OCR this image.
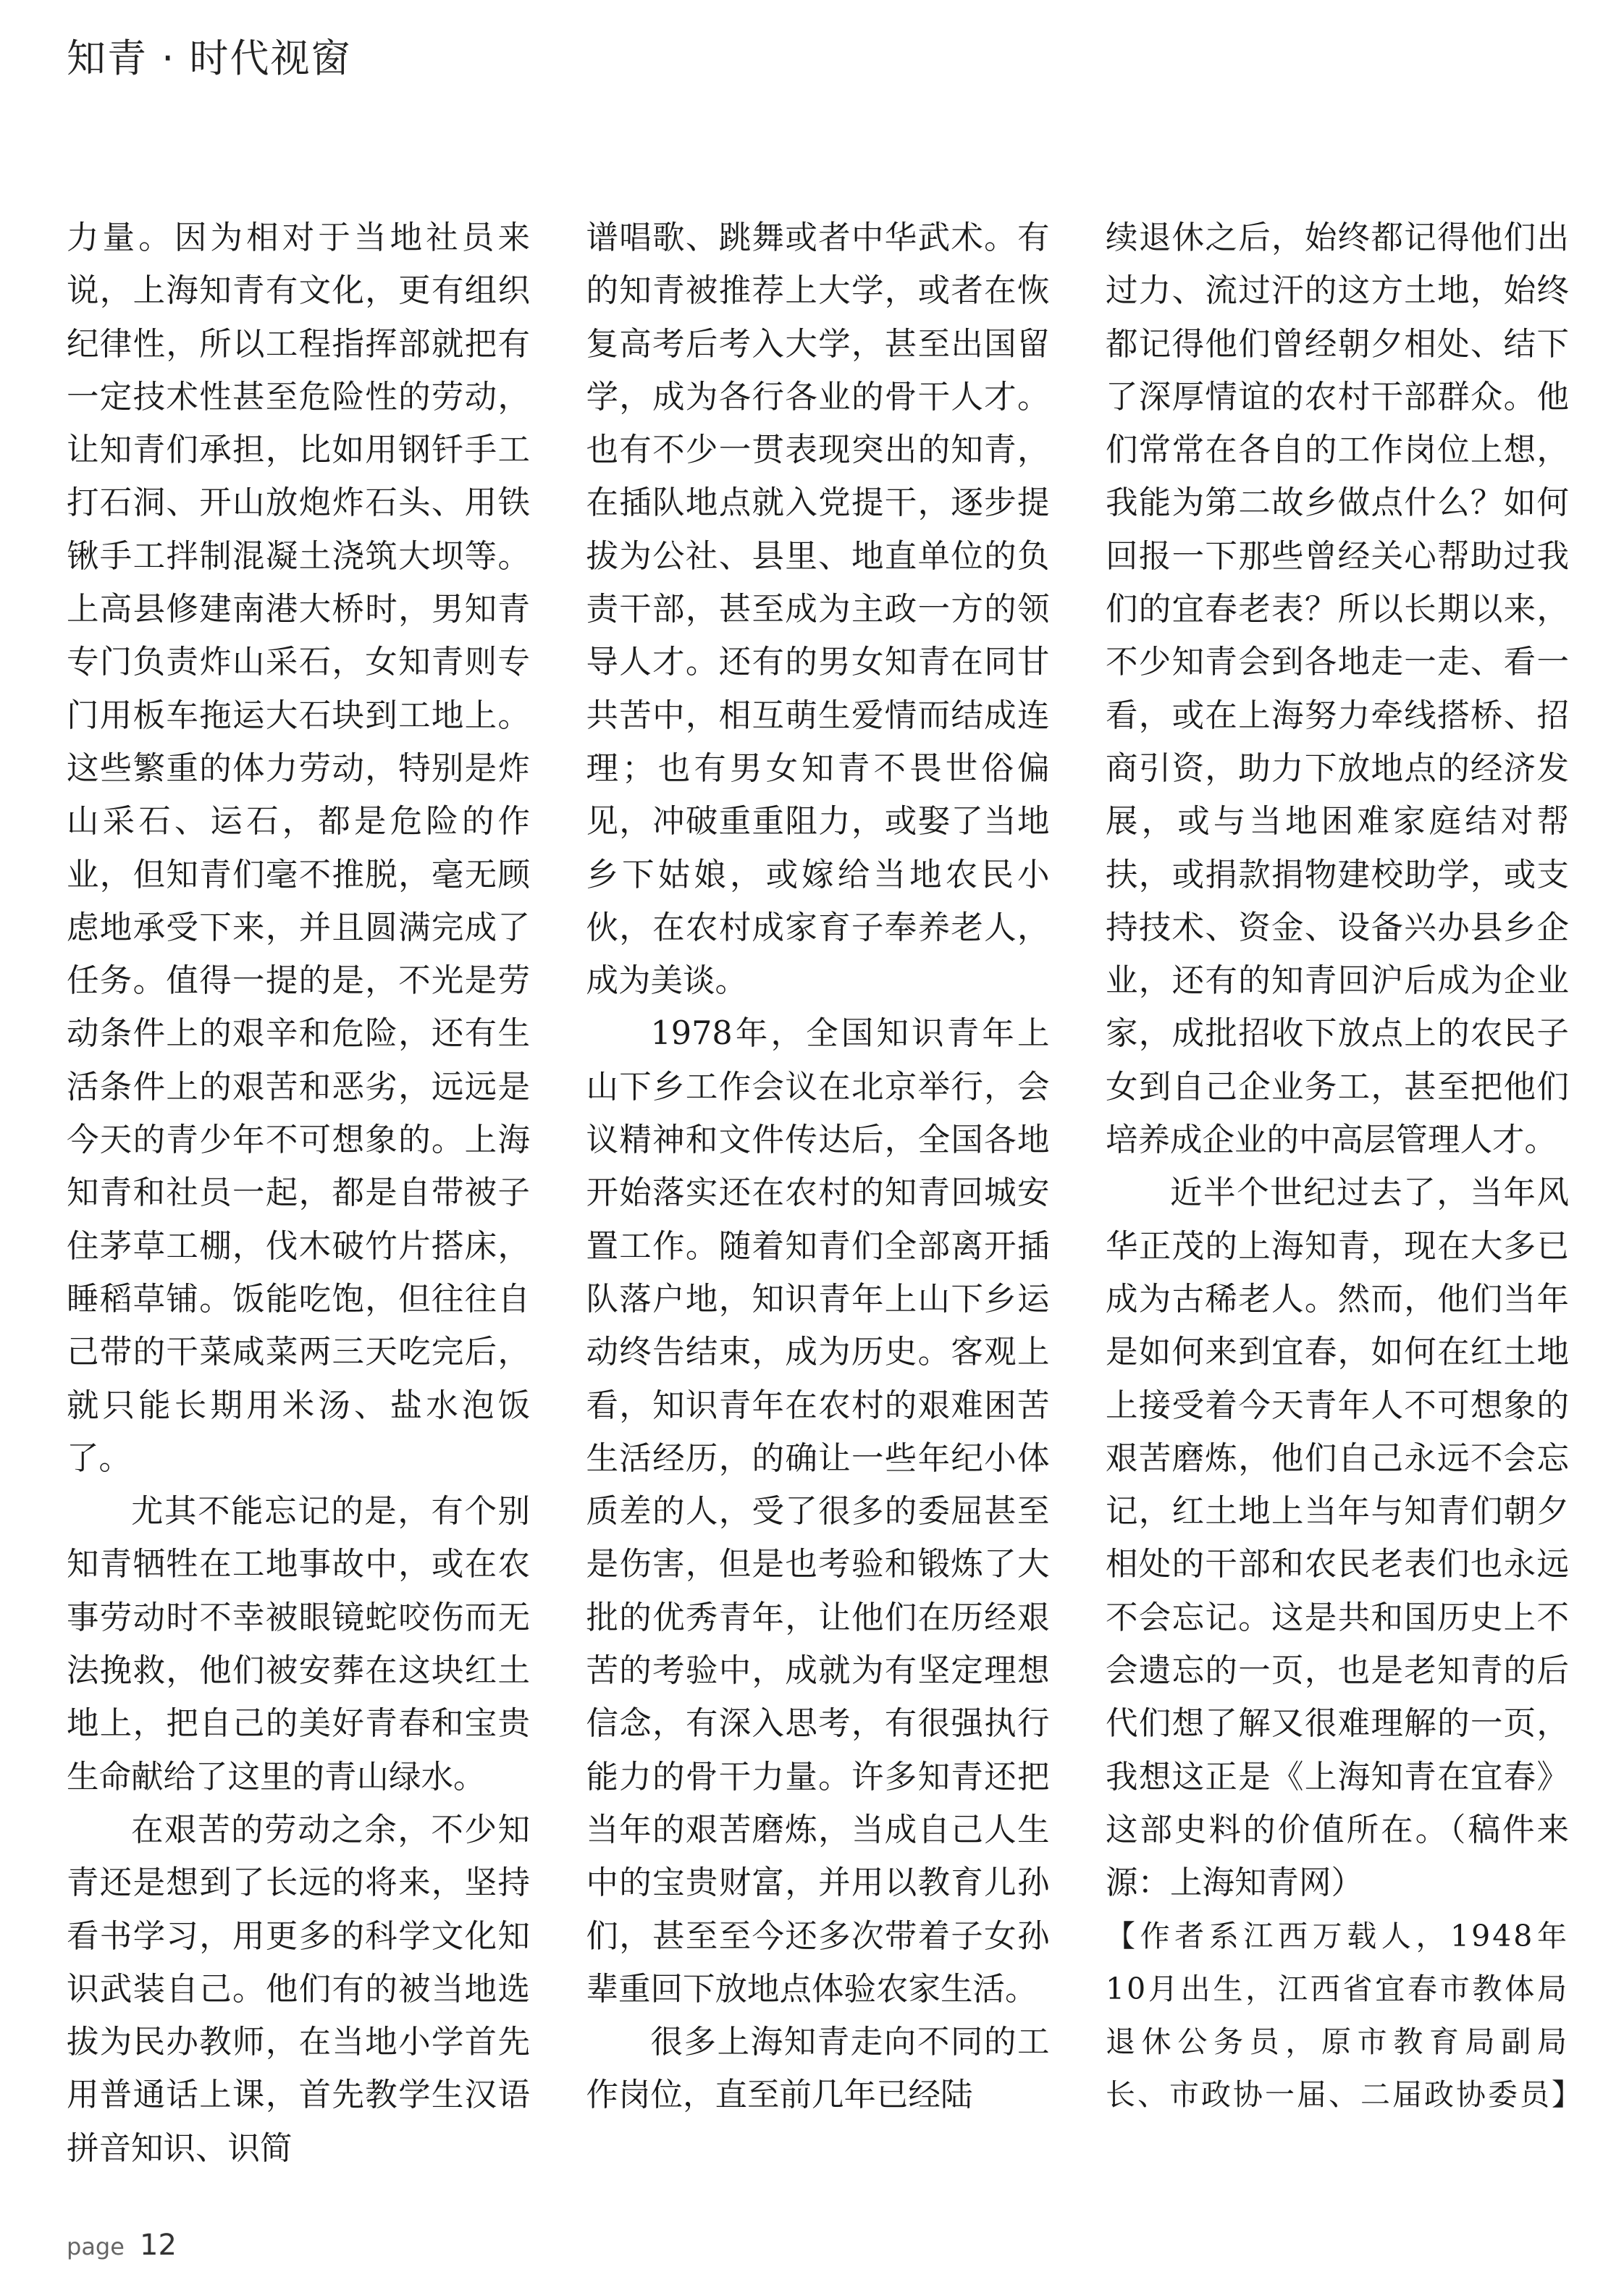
知青 · 时代视窗

力量。因为相对于当地社员来说，上海知青有文化，更有组织纪律性，所以工程指挥部就把有一定技术性甚至危险性的劳动，让知青们承担，比如用钢钎手工打石洞、开山放炮炸石头、用铁锹手工拌制混凝土浇筑大坝等。上高县修建南港大桥时，男知青专门负责炸山采石，女知青则专门用板车拖运大石块到工地上。这些繁重的体力劳动，特别是炸山采石、运石，都是危险的作业，但知青们毫不推脱，毫无顾虑地承受下来，并且圆满完成了任务。值得一提的是，不光是劳动条件上的艰辛和危险，还有生活条件上的艰苦和恶劣，远远是今天的青少年不可想象的。上海知青和社员一起，都是自带被子住茅草工棚，伐木破竹片搭床，睡稻草铺。饭能吃饱，但往往自己带的干菜咸菜两三天吃完后，就只能长期用米汤、盐水泡饭了。

尤其不能忘记的是，有个别知青牺牲在工地事故中，或在农事劳动时不幸被眼镜蛇咬伤而无法挽救，他们被安葬在这块红土地上，把自己的美好青春和宝贵生命献给了这里的青山绿水。

在艰苦的劳动之余，不少知青还是想到了长远的将来，坚持看书学习，用更多的科学文化知识武装自己。他们有的被当地选拔为民办教师，在当地小学首先用普通话上课，首先教学生汉语拼音知识、识简

谱唱歌、跳舞或者中华武术。有的知青被推荐上大学，或者在恢复高考后考入大学，甚至出国留学，成为各行各业的骨干人才。也有不少一贯表现突出的知青，在插队地点就入党提干，逐步提拔为公社、县里、地直单位的负责干部，甚至成为主政一方的领导人才。还有的男女知青在同甘共苦中，相互萌生爱情而结成连理；也有男女知青不畏世俗偏见，冲破重重阻力，或娶了当地乡下姑娘，或嫁给当地农民小伙，在农村成家育子奉养老人，成为美谈。

1978年，全国知识青年上山下乡工作会议在北京举行，会议精神和文件传达后，全国各地开始落实还在农村的知青回城安置工作。随着知青们全部离开插队落户地，知识青年上山下乡运动终告结束，成为历史。客观上看，知识青年在农村的艰难困苦生活经历，的确让一些年纪小体质差的人，受了很多的委屈甚至是伤害，但是也考验和锻炼了大批的优秀青年，让他们在历经艰苦的考验中，成就为有坚定理想信念，有深入思考，有很强执行能力的骨干力量。许多知青还把当年的艰苦磨炼，当成自己人生中的宝贵财富，并用以教育儿孙们，甚至至今还多次带着子女孙辈重回下放地点体验农家生活。

很多上海知青走向不同的工作岗位，直至前几年已经陆

续退休之后，始终都记得他们出过力、流过汗的这方土地，始终都记得他们曾经朝夕相处、结下了深厚情谊的农村干部群众。他们常常在各自的工作岗位上想，我能为第二故乡做点什么？如何回报一下那些曾经关心帮助过我们的宜春老表？所以长期以来，不少知青会到各地走一走、看一看，或在上海努力牵线搭桥、招商引资，助力下放地点的经济发展，或与当地困难家庭结对帮扶，或捐款捐物建校助学，或支持技术、资金、设备兴办县乡企业，还有的知青回沪后成为企业家，成批招收下放点上的农民子女到自己企业务工，甚至把他们培养成企业的中高层管理人才。

近半个世纪过去了，当年风华正茂的上海知青，现在大多已成为古稀老人。然而，他们当年是如何来到宜春，如何在红土地上接受着今天青年人不可想象的艰苦磨炼，他们自己永远不会忘记，红土地上当年与知青们朝夕相处的干部和农民老表们也永远不会忘记。这是共和国历史上不会遗忘的一页，也是老知青的后代们想了解又很难理解的一页，我想这正是《上海知青在宜春》这部史料的价值所在。（稿件来源：上海知青网）

【作者系江西万载人，1948年10月出生，江西省宜春市教体局退休公务员，原市教育局副局长、市政协一届、二届政协委员】

page 12
